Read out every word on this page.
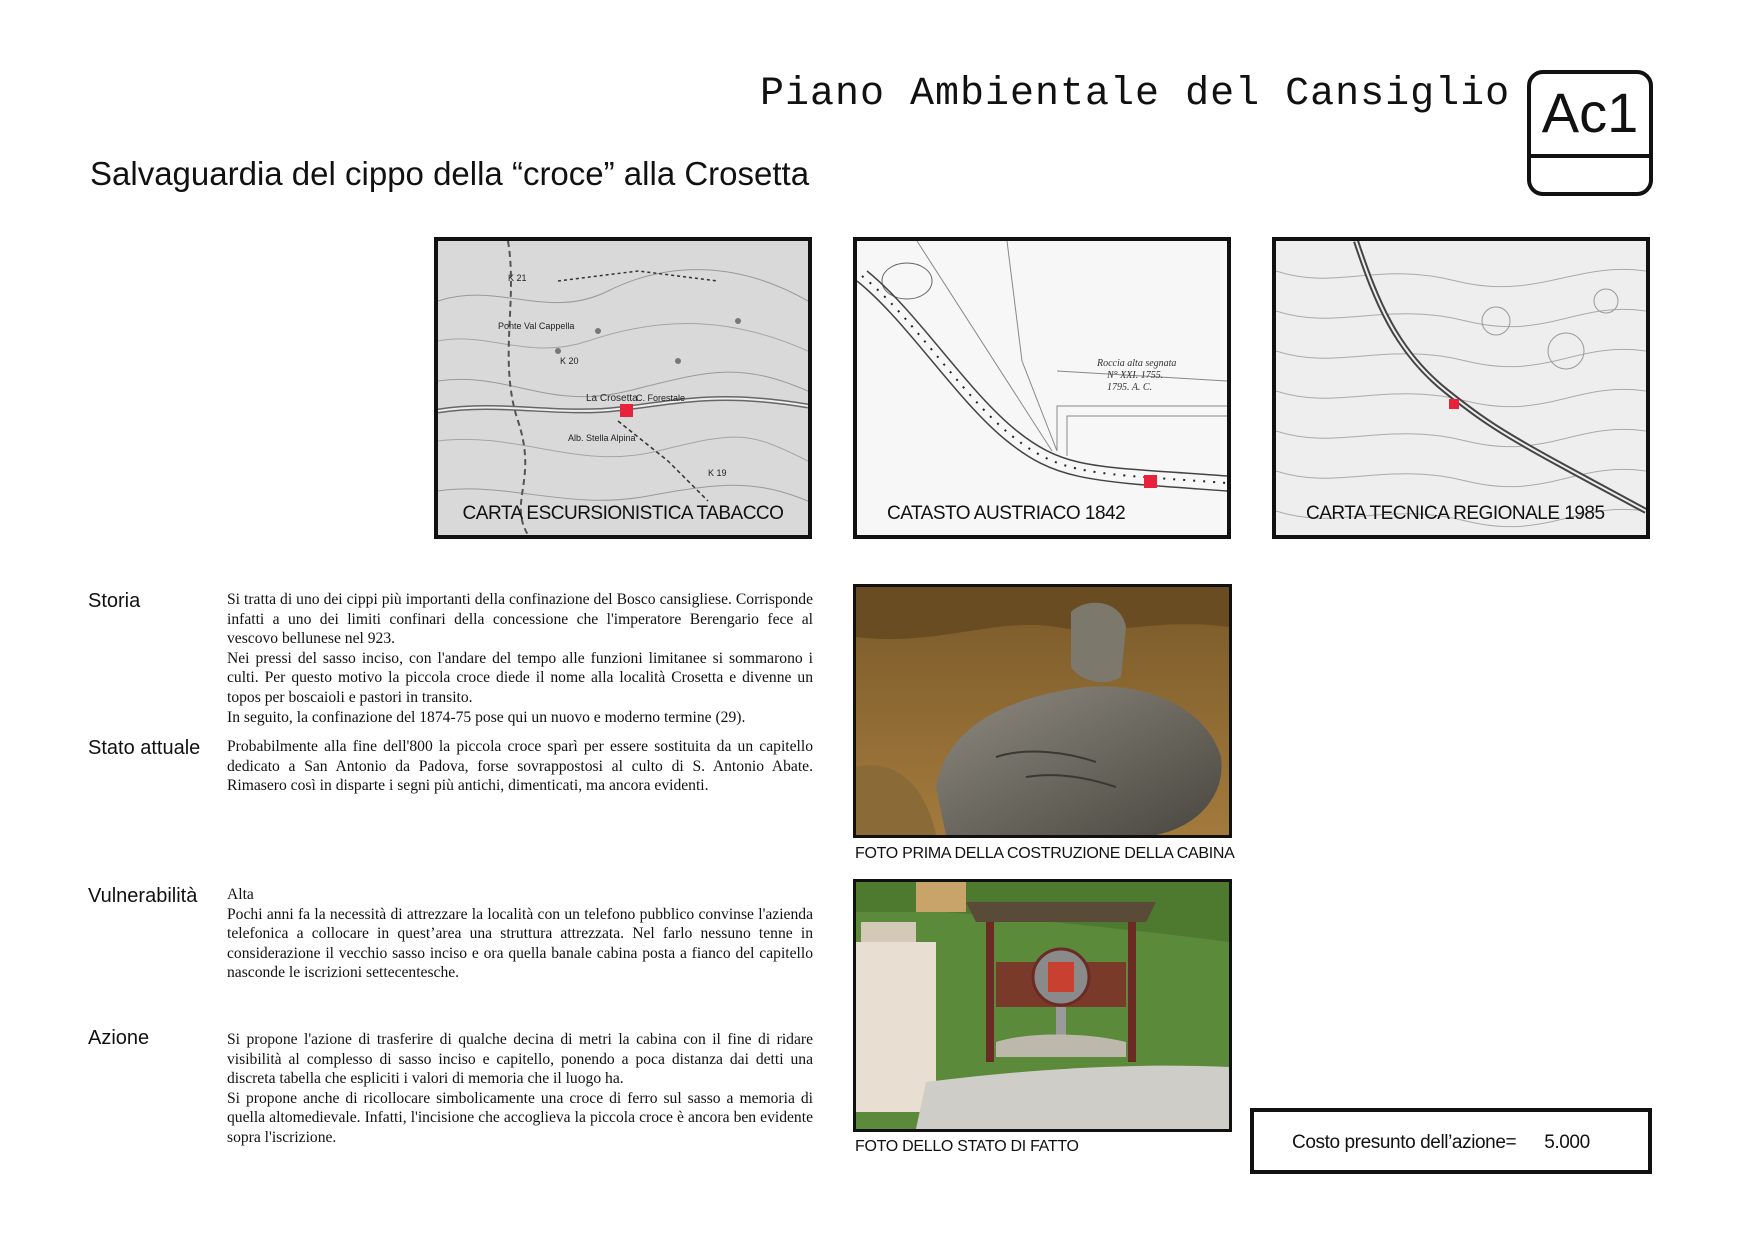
Piano Ambientale del Cansiglio Ac1
Salvaguardia del cippo della “croce” alla Crosetta
La Crosetta
C. Forestale
Ponte Val Cappella
Alb. Stella Alpina
K 20
K 21
K 19
CARTA ESCURSIONISTICA TABACCO
Roccia alta segnata
N° XXI. 1755.
1795. A. C.
CATASTO AUSTRIACO 1842	CARTA TECNICA REGIONALE 1985
FOTO PRIMA DELLA COSTRUZIONE DELLA CABINA
FOTO DELLO STATO DI FATTO
Storia	Si tratta di uno dei cippi più importanti della confinazione del Bosco cansigliese. Corrisponde infatti a uno dei limiti confinari della concessione che l'imperatore Berengario fece al vescovo bellunese nel 923.

Nei pressi del sasso inciso, con l'andare del tempo alle funzioni limitanee si sommarono i culti. Per questo motivo la piccola croce diede il nome alla località Crosetta e divenne un topos per boscaioli e pastori in transito.

In seguito, la confinazione del 1874-75 pose qui un nuovo e moderno termine (29).

Stato attuale Probabilmente alla fine dell'800 la piccola croce sparì per essere sostituita da un capitello dedicato a San Antonio da Padova, forse sovrappostosi al culto di S. Antonio Abate. Rimasero così in disparte i segni più antichi, dimenticati, ma ancora evidenti.

Vulnerabilità Alta

Pochi anni fa la necessità di attrezzare la località con un telefono pubblico convinse l'azienda telefonica a collocare in quest’area una struttura attrezzata. Nel farlo nessuno tenne in considerazione il vecchio sasso inciso e ora quella banale cabina posta a fianco del capitello nasconde le iscrizioni settecentesche.

Azione	Si propone l'azione di trasferire di qualche decina di metri la cabina con il fine di ridare visibilità al complesso di sasso inciso e capitello, ponendo a poca distanza dai detti una discreta tabella che espliciti i valori di memoria che il luogo ha.

Si propone anche di ricollocare simbolicamente una croce di ferro sul sasso a memoria di quella altomedievale. Infatti, l'incisione che accoglieva la piccola croce è ancora ben evidente sopra l'iscrizione.	Costo presunto dell’azione= 5.000
